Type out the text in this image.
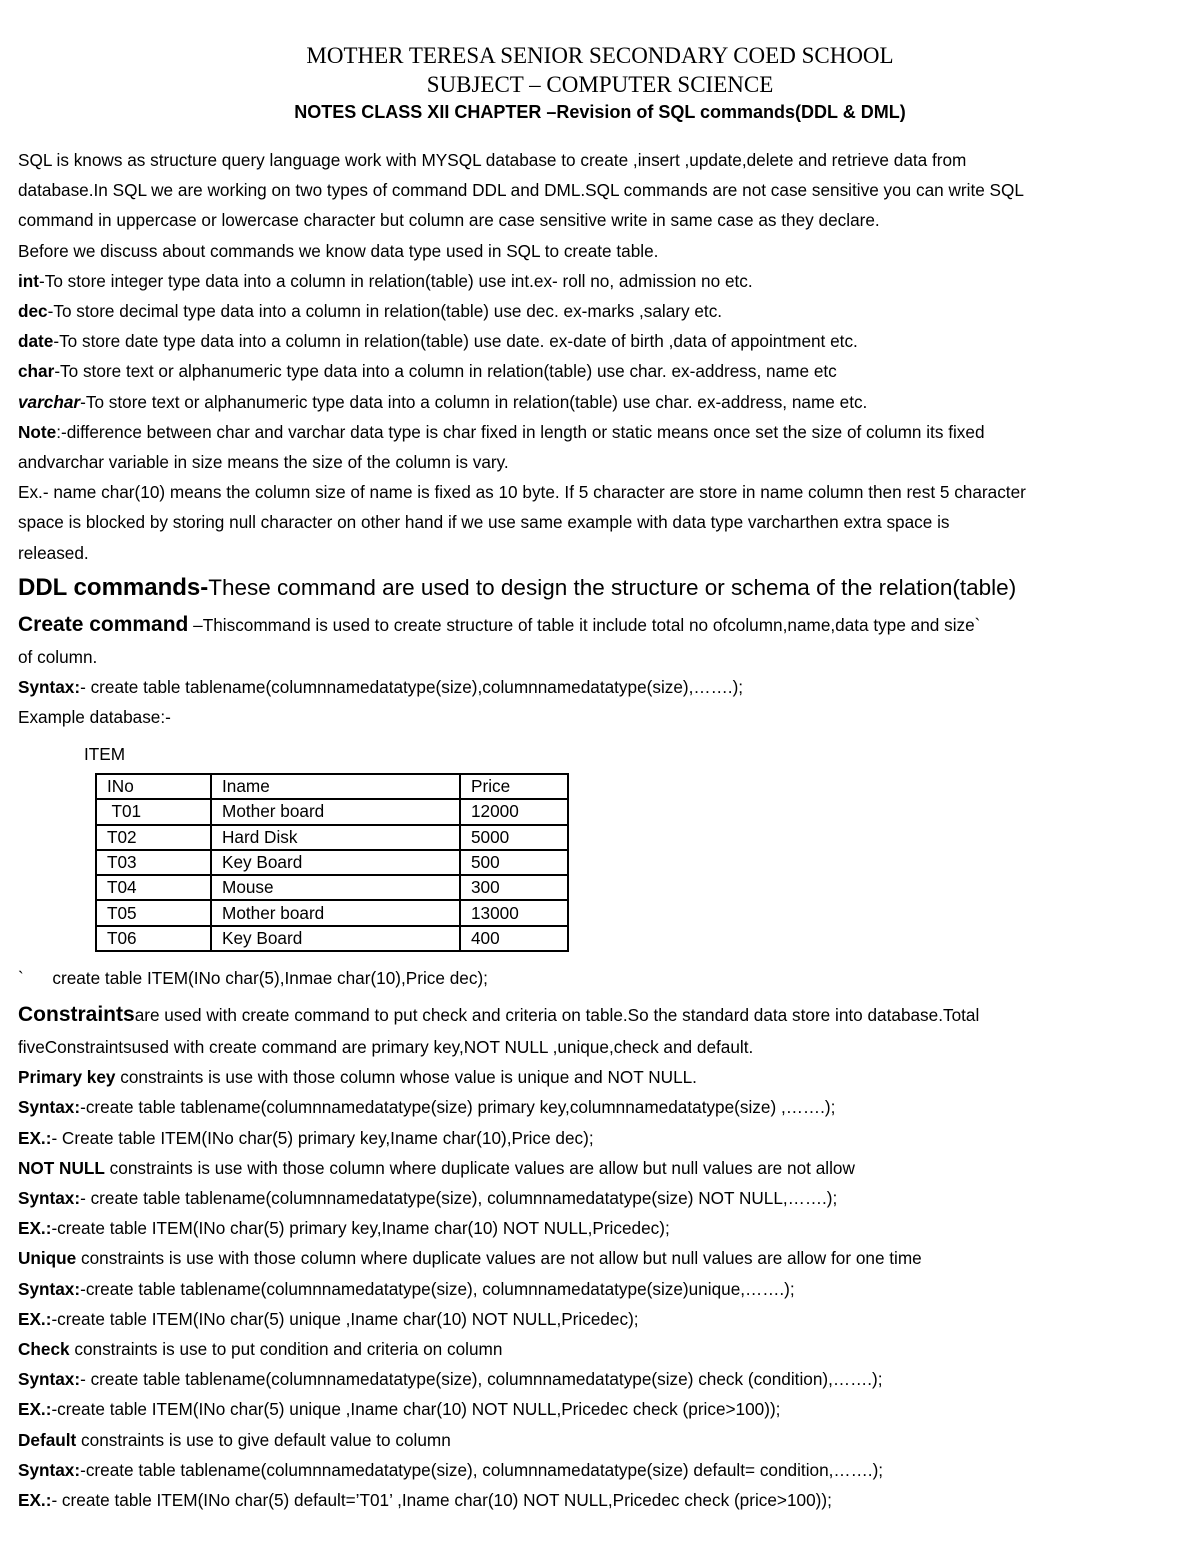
MOTHER TERESA SENIOR SECONDARY COED SCHOOL
SUBJECT – COMPUTER SCIENCE
NOTES CLASS XII CHAPTER –Revision of SQL commands(DDL & DML)

SQL is knows as structure query language work with MYSQL database to create ,insert ,update,delete and retrieve data from

database.In SQL we are working on two types of command DDL and DML.SQL commands are not case sensitive you can write SQL

command in uppercase or lowercase character but column are case sensitive write in same case as they declare.

Before we discuss about commands we know data type used in SQL to create table.

int-To store integer type data into a column in relation(table) use int.ex- roll no, admission no etc.

dec-To store decimal type data into a column in relation(table) use dec. ex-marks ,salary etc.

date-To store date type data into a column in relation(table) use date. ex-date of birth ,data of appointment etc.

char-To store text or alphanumeric type data into a column in relation(table) use char. ex-address, name etc

varchar-To store text or alphanumeric type data into a column in relation(table) use char. ex-address, name etc.

Note:-difference between char and varchar data type is char fixed in length or static means once set the size of column its fixed

andvarchar variable in size means the size of the column is vary.

Ex.- name char(10) means the column size of name is fixed as 10 byte. If 5 character are store in name column then rest 5 character

space is blocked by storing null character on other hand if we use same example with data type varcharthen extra space is

released.

DDL commands-These command are used to design the structure or schema of the relation(table)

Create command –Thiscommand is used to create structure of table it include total no ofcolumn,name,data type and size`

of column.

Syntax:- create table tablename(columnnamedatatype(size),columnnamedatatype(size),…….);

Example database:-

ITEM
INo	Iname	Price
T01	Mother board	12000
T02	Hard Disk	5000
T03	Key Board	500
T04	Mouse	300
T05	Mother board	13000
T06	Key Board	400
`      create table ITEM(INo char(5),Inmae char(10),Price dec);

Constraintsare used with create command to put check and criteria on table.So the standard data store into database.Total

fiveConstraintsused with create command are primary key,NOT NULL ,unique,check and default.

Primary key constraints is use with those column whose value is unique and NOT NULL.

Syntax:-create table tablename(columnnamedatatype(size) primary key,columnnamedatatype(size) ,…….);

EX.:- Create table ITEM(INo char(5) primary key,Iname char(10),Price dec);

NOT NULL constraints is use with those column where duplicate values are allow but null values are not allow

Syntax:- create table tablename(columnnamedatatype(size), columnnamedatatype(size) NOT NULL,…….);

EX.:-create table ITEM(INo char(5) primary key,Iname char(10) NOT NULL,Pricedec);

Unique constraints is use with those column where duplicate values are not allow but null values are allow for one time

Syntax:-create table tablename(columnnamedatatype(size), columnnamedatatype(size)unique,…….);

EX.:-create table ITEM(INo char(5) unique ,Iname char(10) NOT NULL,Pricedec);

Check constraints is use to put condition and criteria on column

Syntax:- create table tablename(columnnamedatatype(size), columnnamedatatype(size) check (condition),…….);

EX.:-create table ITEM(INo char(5) unique ,Iname char(10) NOT NULL,Pricedec check (price>100));

Default constraints is use to give default value to column

Syntax:-create table tablename(columnnamedatatype(size), columnnamedatatype(size) default= condition,…….);

EX.:- create table ITEM(INo char(5) default=’T01’ ,Iname char(10) NOT NULL,Pricedec check (price>100));
